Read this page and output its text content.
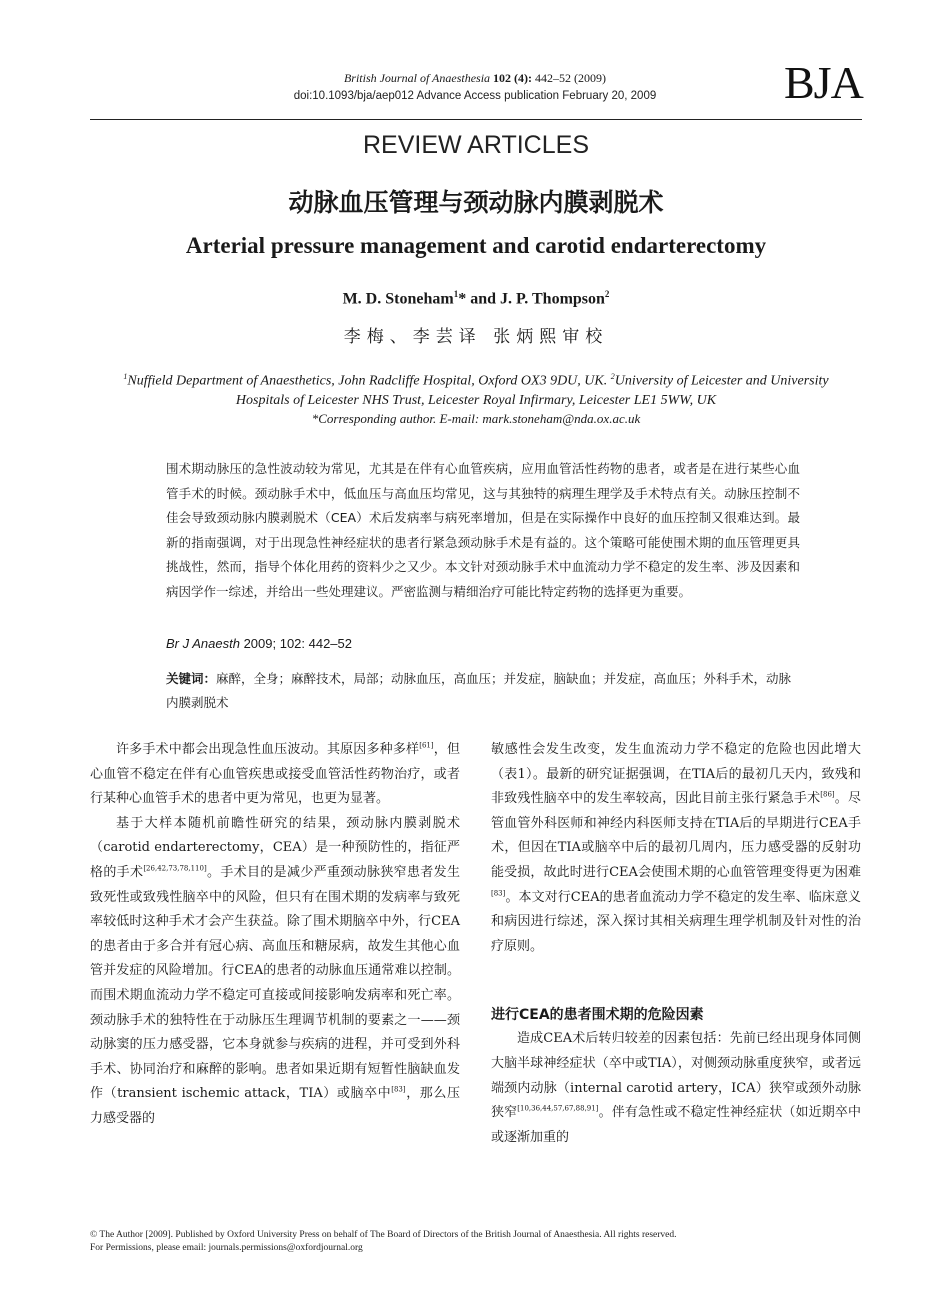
British Journal of Anaesthesia 102 (4): 442–52 (2009)
doi:10.1093/bja/aep012 Advance Access publication February 20, 2009	BJA
REVIEW ARTICLES
动脉血压管理与颈动脉内膜剥脱术
Arterial pressure management and carotid endarterectomy
M. D. Stoneham$^1$* and J. P. Thompson$^2$
李梅、李芸译 张炳熙审校
$^1$Nuffield Department of Anaesthetics, John Radcliffe Hospital, Oxford OX3 9DU, UK. $^2$University of Leicester and University Hospitals of Leicester NHS Trust, Leicester Royal Infirmary, Leicester LE1 5WW, UK
*Corresponding author. E-mail: mark.stoneham@nda.ox.ac.uk
围术期动脉压的急性波动较为常见，尤其是在伴有心血管疾病，应用血管活性药物的患者，或者是在进行某些心血管手术的时候。颈动脉手术中，低血压与高血压均常见，这与其独特的病理生理学及手术特点有关。动脉压控制不佳会导致颈动脉内膜剥脱术（CEA）术后发病率与病死率增加，但是在实际操作中良好的血压控制又很难达到。最新的指南强调，对于出现急性神经症状的患者行紧急颈动脉手术是有益的。这个策略可能使围术期的血压管理更具挑战性，然而，指导个体化用药的资料少之又少。本文针对颈动脉手术中血流动力学不稳定的发生率、涉及因素和病因学作一综述，并给出一些处理建议。严密监测与精细治疗可能比特定药物的选择更为重要。
Br J Anaesth 2009; 102: 442–52
关键词：麻醉，全身；麻醉技术，局部；动脉血压，高血压；并发症，脑缺血；并发症，高血压；外科手术，动脉内膜剥脱术

许多手术中都会出现急性血压波动。其原因多种多样[61]，但心血管不稳定在伴有心血管疾患或接受血管活性药物治疗，或者行某种心血管手术的患者中更为常见，也更为显著。

基于大样本随机前瞻性研究的结果，颈动脉内膜剥脱术（carotid endarterectomy，CEA）是一种预防性的，指征严格的手术[26,42,73,78,110]。手术目的是减少严重颈动脉狭窄患者发生致死性或致残性脑卒中的风险，但只有在围术期的发病率与致死率较低时这种手术才会产生获益。除了围术期脑卒中外，行CEA的患者由于多合并有冠心病、高血压和糖尿病，故发生其他心血管并发症的风险增加。行CEA的患者的动脉血压通常难以控制。而围术期血流动力学不稳定可直接或间接影响发病率和死亡率。颈动脉手术的独特性在于动脉压生理调节机制的要素之一——颈动脉窦的压力感受器，它本身就参与疾病的进程，并可受到外科手术、协同治疗和麻醉的影响。患者如果近期有短暂性脑缺血发作（transient ischemic attack，TIA）或脑卒中[83]，那么压力感受器的

敏感性会发生改变，发生血流动力学不稳定的危险也因此增大（表1）。最新的研究证据强调，在TIA后的最初几天内，致残和非致残性脑卒中的发生率较高，因此目前主张行紧急手术[86]。尽管血管外科医师和神经内科医师支持在TIA后的早期进行CEA手术，但因在TIA或脑卒中后的最初几周内，压力感受器的反射功能受损，故此时进行CEA会使围术期的心血管管理变得更为困难[83]。本文对行CEA的患者血流动力学不稳定的发生率、临床意义和病因进行综述，深入探讨其相关病理生理学机制及针对性的治疗原则。

进行CEA的患者围术期的危险因素

造成CEA术后转归较差的因素包括：先前已经出现身体同侧大脑半球神经症状（卒中或TIA），对侧颈动脉重度狭窄，或者远端颈内动脉（internal carotid artery，ICA）狭窄或颈外动脉狭窄[10,36,44,57,67,88,91]。伴有急性或不稳定性神经症状（如近期卒中或逐渐加重的

© The Author [2009]. Published by Oxford University Press on behalf of The Board of Directors of the British Journal of Anaesthesia. All rights reserved.
For Permissions, please email: journals.permissions@oxfordjournal.org
